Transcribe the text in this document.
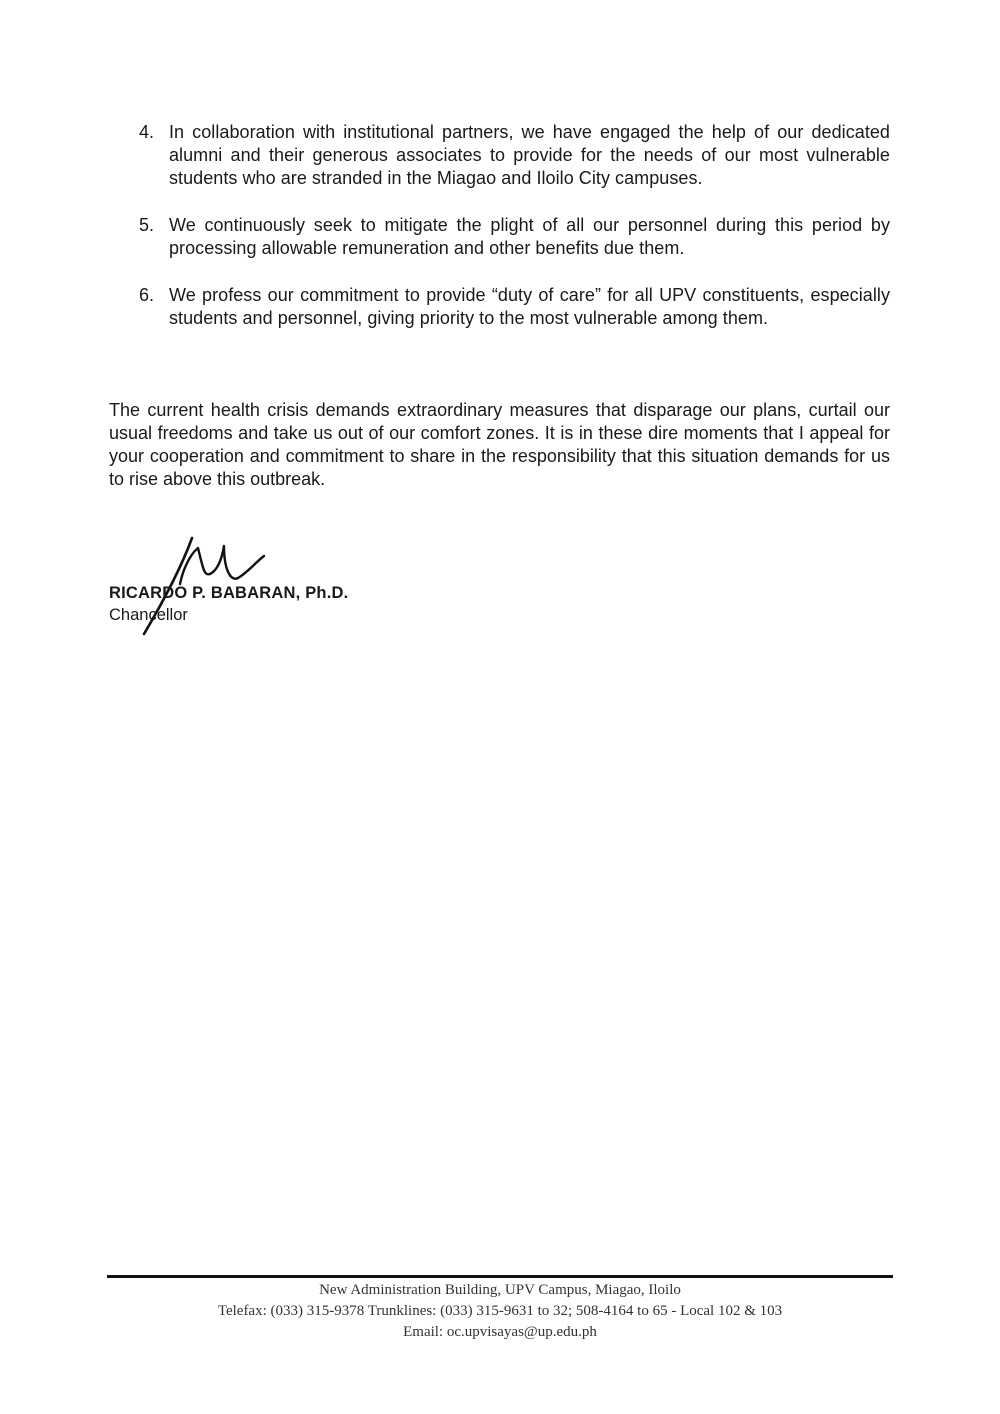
4. In collaboration with institutional partners, we have engaged the help of our dedicated alumni and their generous associates to provide for the needs of our most vulnerable students who are stranded in the Miagao and Iloilo City campuses.
5. We continuously seek to mitigate the plight of all our personnel during this period by processing allowable remuneration and other benefits due them.
6. We profess our commitment to provide “duty of care” for all UPV constituents, especially students and personnel, giving priority to the most vulnerable among them.

The current health crisis demands extraordinary measures that disparage our plans, curtail our usual freedoms and take us out of our comfort zones. It is in these dire moments that I appeal for your cooperation and commitment to share in the responsibility that this situation demands for us to rise above this outbreak.

RICARDO P. BABARAN, Ph.D.

Chancellor

New Administration Building, UPV Campus, Miagao, Iloilo
Telefax: (033) 315-9378 Trunklines: (033) 315-9631 to 32; 508-4164 to 65 - Local 102 & 103
Email: oc.upvisayas@up.edu.ph
